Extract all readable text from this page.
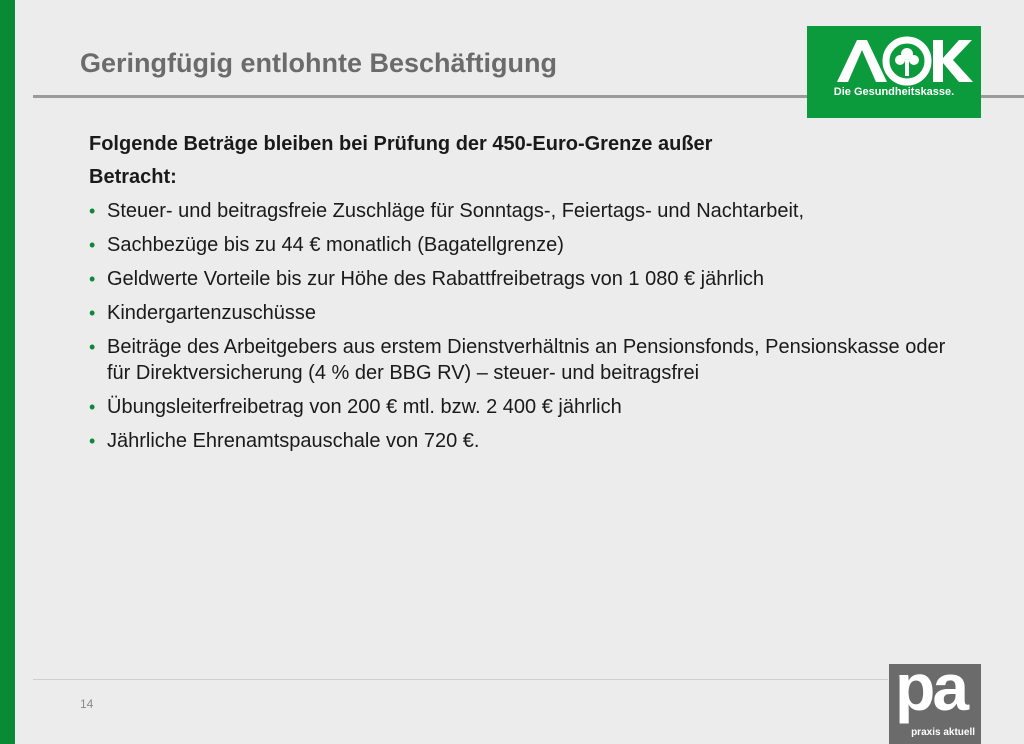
Geringfügig entlohnte Beschäftigung
Die Gesundheitskasse.

Folgende Beträge bleiben bei Prüfung der 450-Euro-Grenze außer
Betracht:

• Steuer- und beitragsfreie Zuschläge für Sonntags-, Feiertags- und Nachtarbeit,
• Sachbezüge bis zu 44 € monatlich (Bagatellgrenze)
• Geldwerte Vorteile bis zur Höhe des Rabattfreibetrags von 1 080 € jährlich
• Kindergartenzuschüsse
• Beiträge des Arbeitgebers aus erstem Dienstverhältnis an Pensionsfonds, Pensionskasse oder für Direktversicherung (4 % der BBG RV) – steuer- und beitragsfrei
• Übungsleiterfreibetrag von 200 € mtl. bzw. 2 400 € jährlich
• Jährliche Ehrenamtspauschale von 720 €.
14	pa
praxis aktuell
